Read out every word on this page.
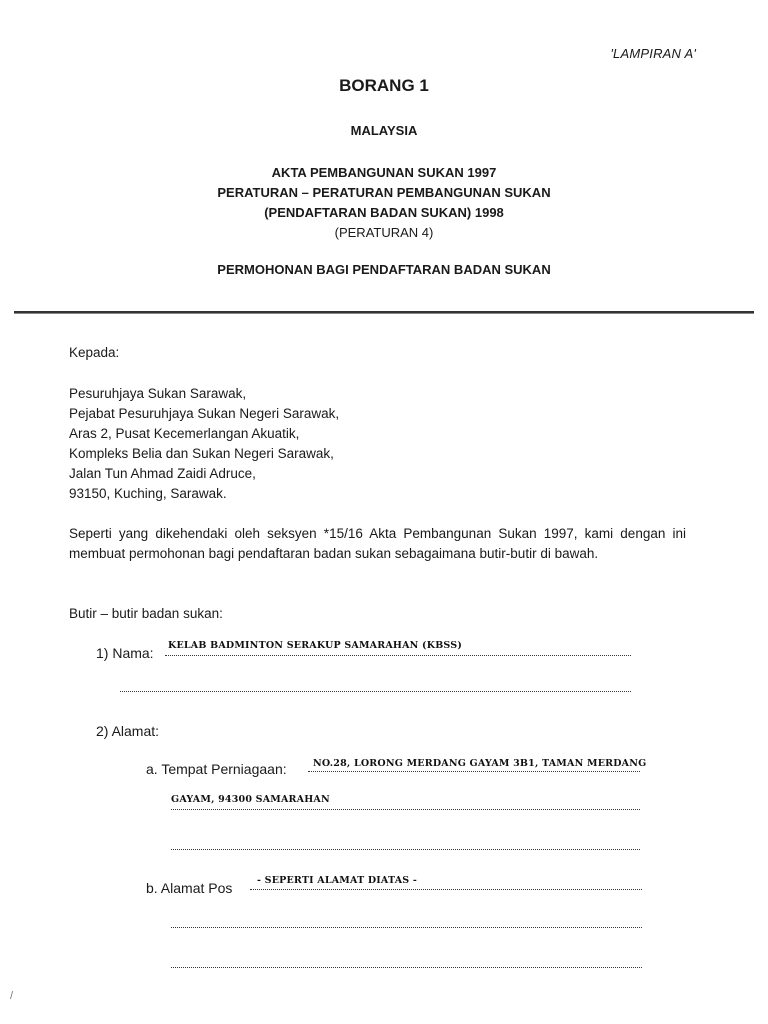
'LAMPIRAN A'
BORANG 1
MALAYSIA
AKTA PEMBANGUNAN SUKAN 1997
PERATURAN – PERATURAN PEMBANGUNAN SUKAN
(PENDAFTARAN BADAN SUKAN) 1998
(PERATURAN 4)
PERMOHONAN BAGI PENDAFTARAN BADAN SUKAN
Kepada:
Pesuruhjaya Sukan Sarawak,
Pejabat Pesuruhjaya Sukan Negeri Sarawak,
Aras 2, Pusat Kecemerlangan Akuatik,
Kompleks Belia dan Sukan Negeri Sarawak,
Jalan Tun Ahmad Zaidi Adruce,
93150, Kuching, Sarawak.
Seperti yang dikehendaki oleh seksyen *15/16 Akta Pembangunan Sukan 1997, kami dengan ini membuat permohonan bagi pendaftaran badan sukan sebagaimana butir-butir di bawah.
Butir – butir badan sukan:
1) Nama: KELAB BADMINTON SERAKUP SAMARAHAN (KBSS)
2) Alamat:
a. Tempat Perniagaan:	NO.28, LORONG MERDANG GAYAM 3B1, TAMAN MERDANG
GAYAM, 94300 SAMARAHAN
b. Alamat Pos	- SEPERTI ALAMAT DIATAS -
/
